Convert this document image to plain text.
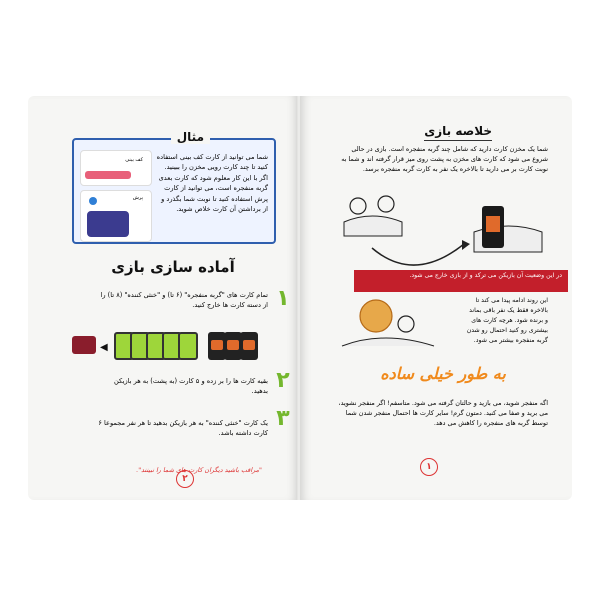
مثال
شما می توانید از کارت کف بینی استفاده کنید تا چند کارت رویی مخزن را ببینید. اگر با این کار معلوم شود که کارت بعدی گربه منفجره است، می توانید از کارت پرش استفاده کنید تا نوبت شما بگذرد و از برداشتن آن کارت خلاص شوید.
کف بینی
پرش
آماده سازی بازی
۱
تمام کارت های "گربه منفجره" (۶ تا) و "خنثی کننده" (۸ تا) را از دسته کارت ها خارج کنید.
◀
۲
بقیه کارت ها را بر زده و ۵ کارت (به پشت) به هر بازیکن بدهید.
۳
یک کارت "خنثی کننده" به هر بازیکن بدهید تا هر نفر مجموعا ۶ کارت داشته باشد.
"مراقب باشید دیگران کارت های شما را نبینند".
۲
خلاصه بازی
شما یک مخزن کارت دارید که شامل چند گربه منفجره است. بازی در حالی شروع می شود که کارت های مخزن به پشت روی میز قرار گرفته اند و شما به نوبت کارت بر می دارید تا بالاخره یک نفر به کارت گربه منفجره برسد.
در این وضعیت آن بازیکن می ترکد و از بازی خارج می شود.
این روند ادامه پیدا می کند تا بالاخره فقط یک نفر باقی بماند و برنده شود. هرچه کارت های بیشتری رو کنید احتمال رو شدن گربه منفجره بیشتر می شود.
به طور خیلی ساده
اگه منفجر شوید، می بازید و حالتان گرفته می شود. متاسفم! اگر منفجر نشوید، می برید و صفا می کنید. دمتون گرم! سایر کارت ها احتمال منفجر شدن شما توسط گربه های منفجره را کاهش می دهد.
۱
